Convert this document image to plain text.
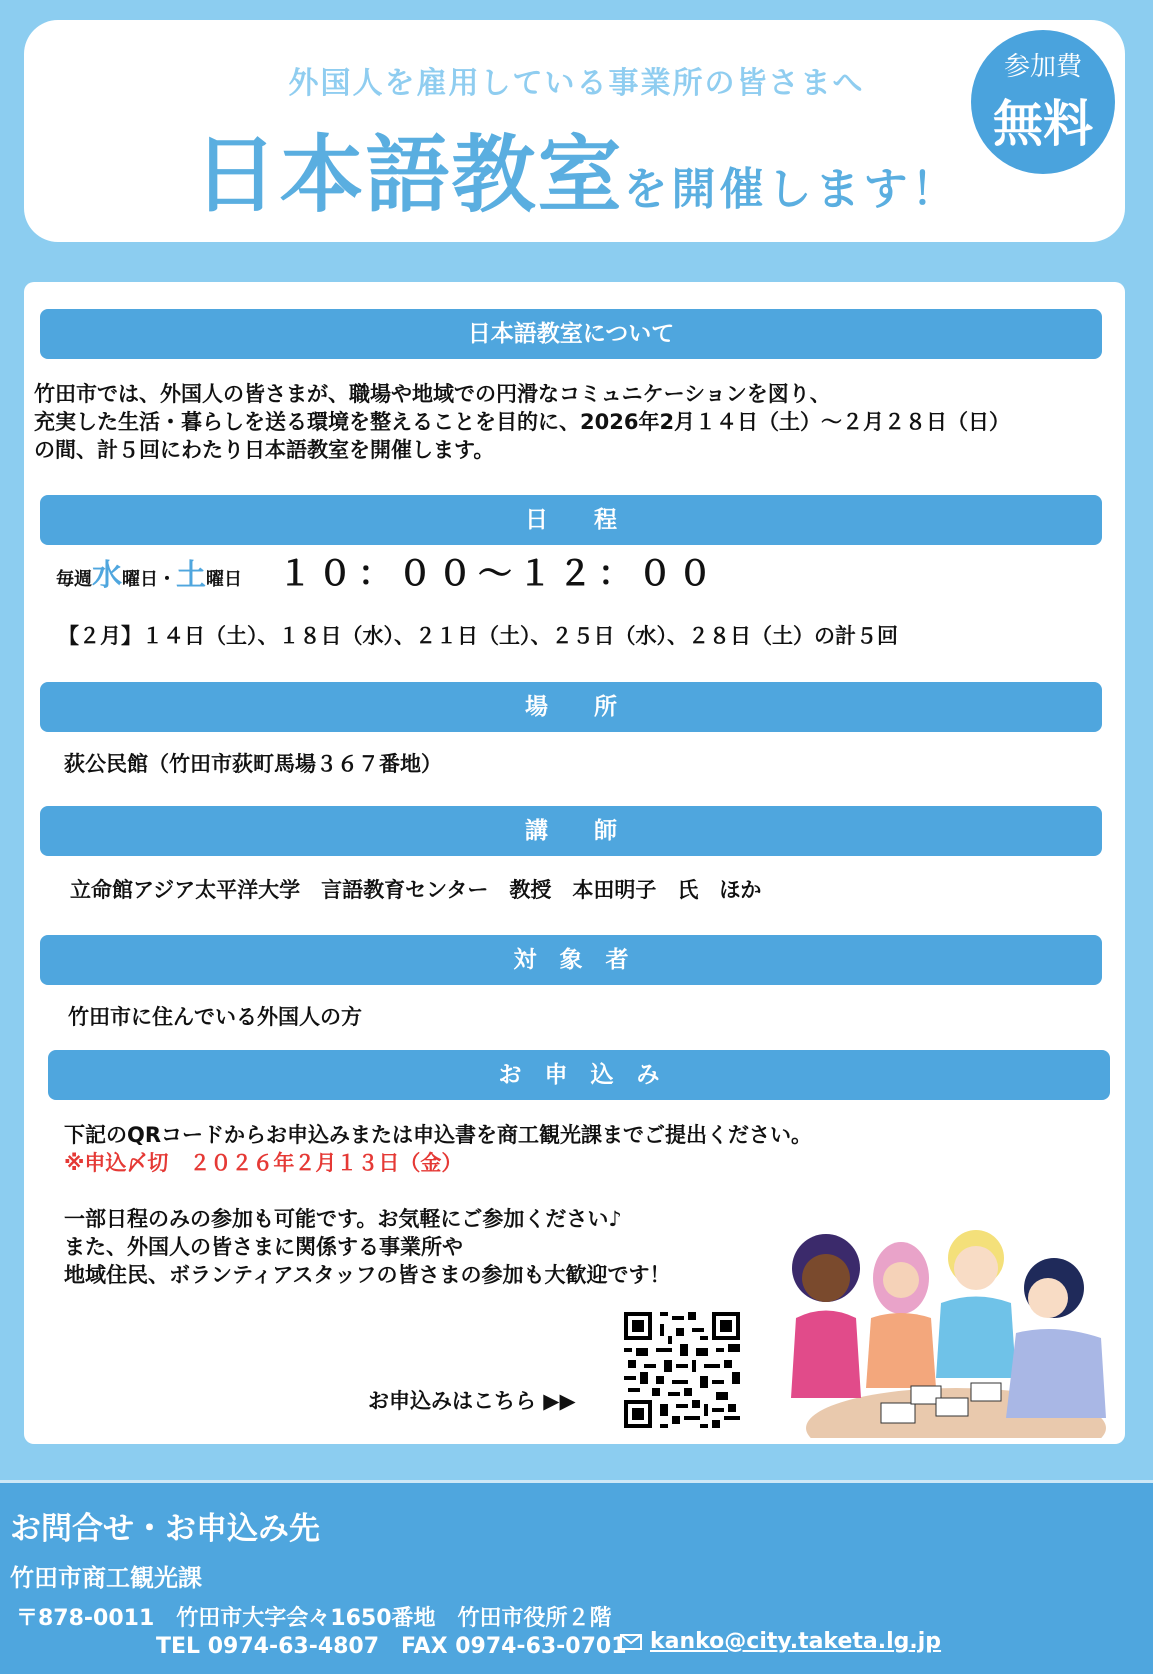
外国人を雇用している事業所の皆さまへ
日本語教室を開催します！
参加費
無料
日本語教室について
竹田市では、外国人の皆さまが、職場や地域での円滑なコミュニケーションを図り、
充実した生活・暮らしを送る環境を整えることを目的に、2026年2月１４日（土）～２月２８日（日）
の間、計５回にわたり日本語教室を開催します。
日　　程
毎週水曜日・土曜日 １０：００～１２：００
【２月】１４日（土）、１８日（水）、２１日（土）、２５日（水）、２８日（土）の計５回
場　　所
荻公民館（竹田市荻町馬場３６７番地）
講　　師
立命館アジア太平洋大学　言語教育センター　教授　本田明子　氏　ほか
対　象　者
竹田市に住んでいる外国人の方
お　申　込　み
下記のQRコードからお申込みまたは申込書を商工観光課までご提出ください。
※申込〆切　２０２６年２月１３日（金）
一部日程のみの参加も可能です。お気軽にご参加ください♪
また、外国人の皆さまに関係する事業所や
地域住民、ボランティアスタッフの皆さまの参加も大歓迎です！
お申込みはこちら ▶▶
お問合せ・お申込み先
竹田市商工観光課
〒878-0011　竹田市大字会々1650番地　竹田市役所２階
TEL 0974-63-4807　FAX 0974-63-0701	kanko@city.taketa.lg.jp
